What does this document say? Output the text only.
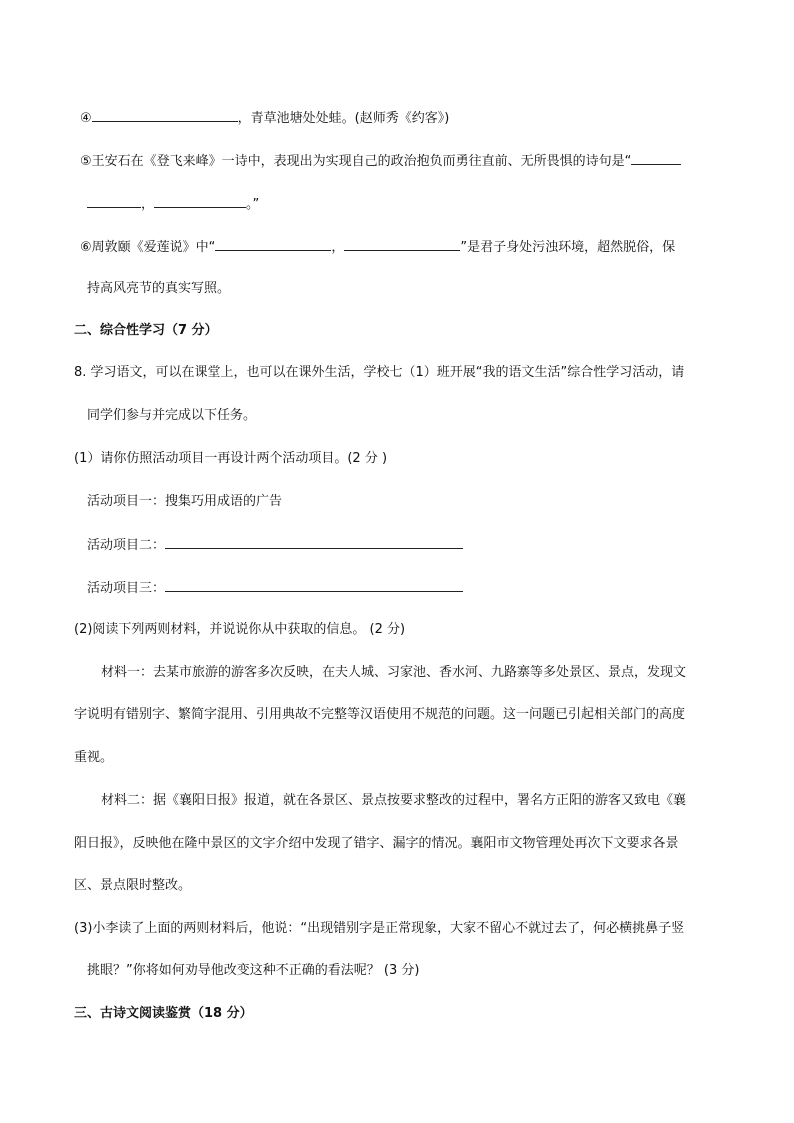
④	，青草池塘处处蛙。(赵师秀《约客》)
⑤王安石在《登飞来峰》一诗中，表现出为实现自己的政治抱负而勇往直前、无所畏惧的诗句是“
，	。”
⑥周敦颐《爱莲说》中“	，	”是君子身处污浊环境，超然脱俗，保
持高风亮节的真实写照。
二、综合性学习（7 分）
8. 学习语文，可以在课堂上，也可以在课外生活，学校七（1）班开展“我的语文生活”综合性学习活动，请
同学们参与并完成以下任务。
(1）请你仿照活动项目一再设计两个活动项目。(2 分 )
活动项目一：搜集巧用成语的广告
活动项目二：
活动项目三：
(2)阅读下列两则材料，并说说你从中获取的信息。 (2 分)
材料一：去某市旅游的游客多次反映，在夫人城、习家池、香水河、九路寨等多处景区、景点，发现文
字说明有错别字、繁简字混用、引用典故不完整等汉语使用不规范的问题。这一问题已引起相关部门的高度
重视。
材料二：据《襄阳日报》报道，就在各景区、景点按要求整改的过程中，署名方正阳的游客又致电《襄
阳日报》，反映他在隆中景区的文字介绍中发现了错字、漏字的情况。襄阳市文物管理处再次下文要求各景
区、景点限时整改。
(3)小李读了上面的两则材料后，他说：“出现错别字是正常现象，大家不留心不就过去了，何必横挑鼻子竖
挑眼？”你将如何劝导他改变这种不正确的看法呢？ (3 分)
三、古诗文阅读鉴赏（18 分）
